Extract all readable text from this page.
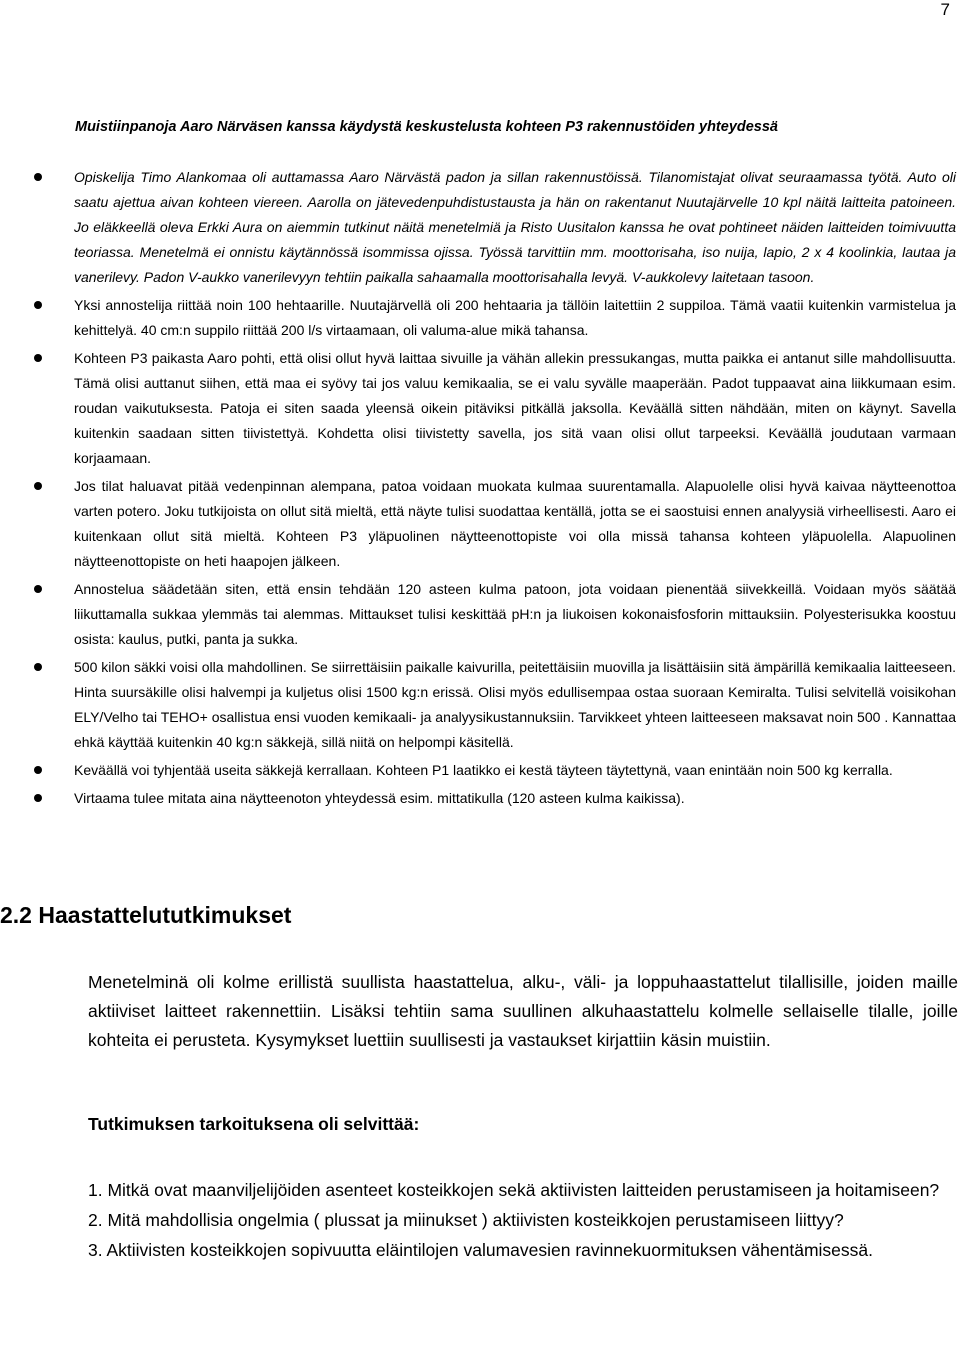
7
Muistiinpanoja Aaro Närväsen kanssa käydystä keskustelusta kohteen P3 rakennustöiden yhteydessä
Opiskelija Timo Alankomaa oli auttamassa Aaro Närvästä padon ja sillan rakennustöissä. Tilanomistajat olivat seuraamassa työtä. Auto oli saatu ajettua aivan kohteen viereen. Aarolla on jätevedenpuhdistustausta ja hän on rakentanut Nuutajärvelle 10 kpl näitä laitteita patoineen. Jo eläkkeellä oleva Erkki Aura on aiemmin tutkinut näitä menetelmiä ja Risto Uusitalon kanssa he ovat pohtineet näiden laitteiden toimivuutta teoriassa. Menetelmä ei onnistu käytännössä isommissa ojissa. Työssä tarvittiin mm. moottorisaha, iso nuija, lapio, 2 x 4 koolinkia, lautaa ja vanerilevy. Padon V-aukko vanerilevyyn tehtiin paikalla sahaamalla moottorisahalla levyä. V-aukkolevy laitetaan tasoon.
Yksi annostelija riittää noin 100 hehtaarille. Nuutajärvellä oli 200 hehtaaria ja tällöin laitettiin 2 suppiloa. Tämä vaatii kuitenkin varmistelua ja kehittelyä. 40 cm:n suppilo riittää 200 l/s virtaamaan, oli valuma-alue mikä tahansa.
Kohteen P3 paikasta Aaro pohti, että olisi ollut hyvä laittaa sivuille ja vähän allekin pressukangas, mutta paikka ei antanut sille mahdollisuutta. Tämä olisi auttanut siihen, että maa ei syövy tai jos valuu kemikaalia, se ei valu syvälle maaperään. Padot tuppaavat aina liikkumaan esim. roudan vaikutuksesta. Patoja ei siten saada yleensä oikein pitäviksi pitkällä jaksolla. Keväällä sitten nähdään, miten on käynyt. Savella kuitenkin saadaan sitten tiivistettyä. Kohdetta olisi tiivistetty savella, jos sitä vaan olisi ollut tarpeeksi. Keväällä joudutaan varmaan korjaamaan.
Jos tilat haluavat pitää vedenpinnan alempana, patoa voidaan muokata kulmaa suurentamalla. Alapuolelle olisi hyvä kaivaa näytteenottoa varten potero. Joku tutkijoista on ollut sitä mieltä, että näyte tulisi suodattaa kentällä, jotta se ei saostuisi ennen analyysiä virheellisesti. Aaro ei kuitenkaan ollut sitä mieltä. Kohteen P3 yläpuolinen näytteenottopiste voi olla missä tahansa kohteen yläpuolella. Alapuolinen näytteenottopiste on heti haapojen jälkeen.
Annostelua säädetään siten, että ensin tehdään 120 asteen kulma patoon, jota voidaan pienentää siivekkeillä. Voidaan myös säätää liikuttamalla sukkaa ylemmäs tai alemmas. Mittaukset tulisi keskittää pH:n ja liukoisen kokonaisfosforin mittauksiin. Polyesterisukka koostuu osista: kaulus, putki, panta ja sukka.
500 kilon säkki voisi olla mahdollinen. Se siirrettäisiin paikalle kaivurilla, peitettäisiin muovilla ja lisättäisiin sitä ämpärillä kemikaalia laitteeseen. Hinta suursäkille olisi halvempi ja kuljetus olisi 1500 kg:n erissä. Olisi myös edullisempaa ostaa suoraan Kemiralta. Tulisi selvitellä voisikohan ELY/Velho tai TEHO+ osallistua ensi vuoden kemikaali- ja analyysikustannuksiin. Tarvikkeet yhteen laitteeseen maksavat noin 500 . Kannattaa ehkä käyttää kuitenkin 40 kg:n säkkejä, sillä niitä on helpompi käsitellä.
Keväällä voi tyhjentää useita säkkejä kerrallaan. Kohteen P1 laatikko ei kestä täyteen täytettynä, vaan enintään noin 500 kg kerralla.
Virtaama tulee mitata aina näytteenoton yhteydessä esim. mittatikulla (120 asteen kulma kaikissa).
2.2 Haastattelututkimukset

Menetelminä oli kolme erillistä suullista haastattelua, alku-, väli- ja loppuhaastattelut tilallisille, joiden maille aktiiviset laitteet rakennettiin. Lisäksi tehtiin sama suullinen alkuhaastattelu kolmelle sellaiselle tilalle, joille kohteita ei perusteta. Kysymykset luettiin suullisesti ja vastaukset kirjattiin käsin muistiin.

Tutkimuksen tarkoituksena oli selvittää:
1. Mitkä ovat maanviljelijöiden asenteet kosteikkojen sekä aktiivisten laitteiden perustamiseen ja hoitamiseen?
2. Mitä mahdollisia ongelmia ( plussat ja miinukset ) aktiivisten kosteikkojen perustamiseen liittyy?
3. Aktiivisten kosteikkojen sopivuutta eläintilojen valumavesien ravinnekuormituksen vähentämisessä.
